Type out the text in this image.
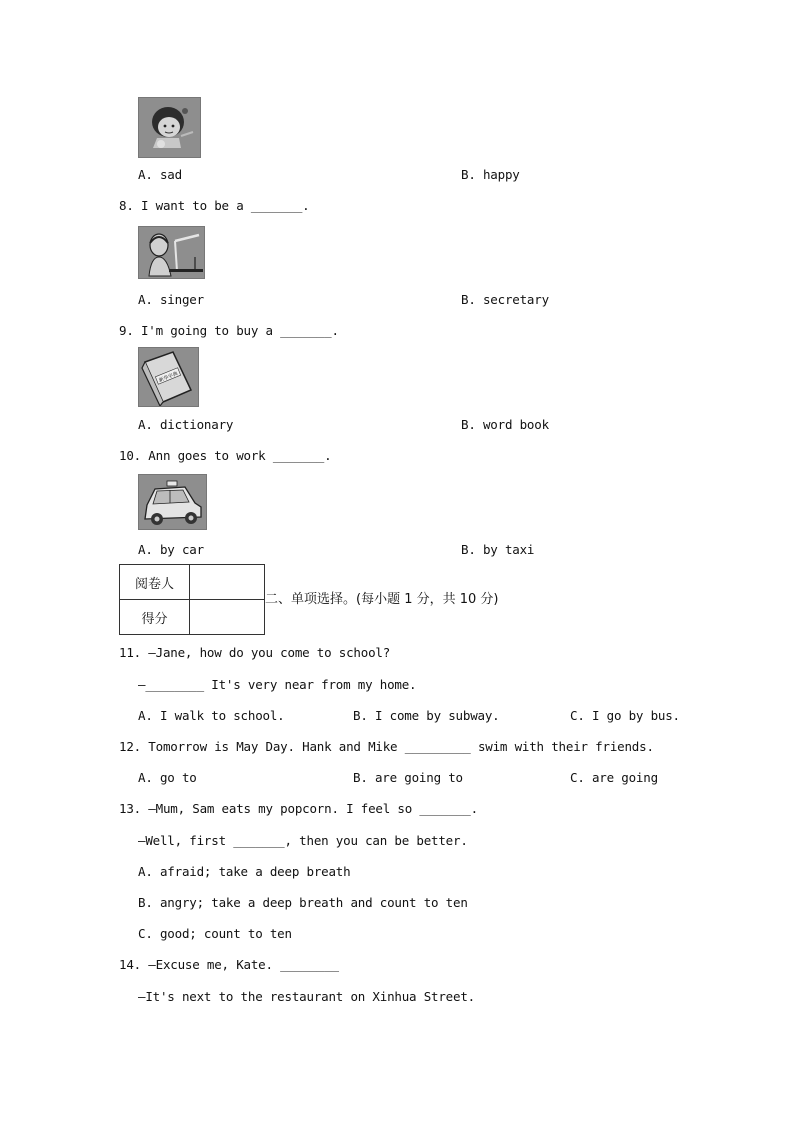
A. sad	B. happy
8. I want to be a _______.
A. singer	B. secretary
9. I'm going to buy a _______.
新华字典
A. dictionary	B. word book
10. Ann goes to work _______.
A. by car	B. by taxi
阅卷人	
得分	
二、单项选择。(每小题 1 分，共 10 分)
11. —Jane, how do you come to school?
—________ It's very near from my home.
A. I walk to school.	B. I come by subway.	C. I go by bus.
12. Tomorrow is May Day. Hank and Mike _________ swim with their friends.
A. go to	B. are going to	C. are going
13. —Mum, Sam eats my popcorn. I feel so _______.
—Well, first _______, then you can be better.
A. afraid; take a deep breath
B. angry; take a deep breath and count to ten
C. good; count to ten
14. —Excuse me, Kate. ________
—It's next to the restaurant on Xinhua Street.
